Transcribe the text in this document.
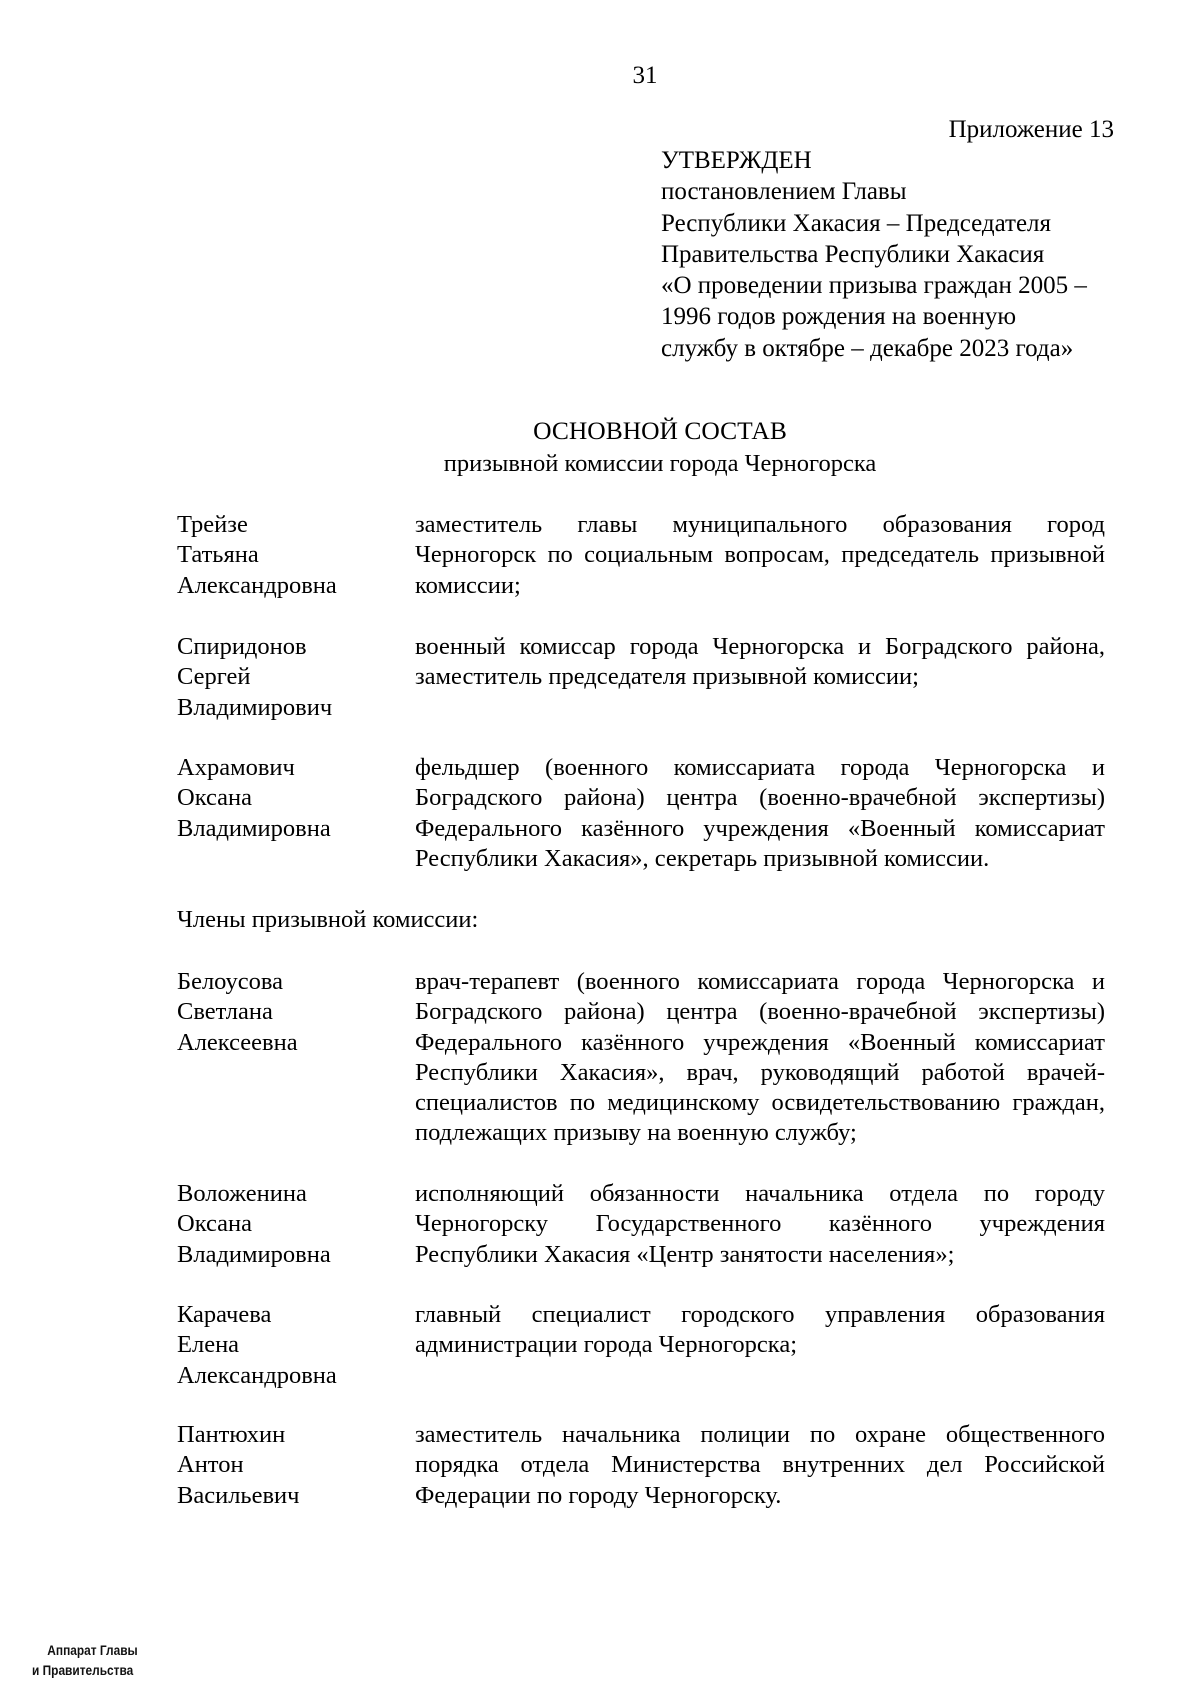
31
Приложение 13
УТВЕРЖДЕН
постановлением Главы
Республики Хакасия – Председателя
Правительства Республики Хакасия
«О проведении призыва граждан 2005 –
1996 годов рождения на военную
службу в октябре – декабре 2023 года»
ОСНОВНОЙ СОСТАВ
призывной комиссии города Черногорска
Трейзе
Татьяна
Александровна
заместитель главы муниципального образования город Черногорск по социальным вопросам, председатель призывной комиссии;
Спиридонов
Сергей
Владимирович
военный комиссар города Черногорска и Боградского района, заместитель председателя призывной комиссии;
Ахрамович
Оксана
Владимировна
фельдшер (военного комиссариата города Черногорска и Боградского района) центра (военно-врачебной экспертизы) Федерального казённого учреждения «Военный комиссариат Республики Хакасия», секретарь призывной комиссии.
Члены призывной комиссии:
Белоусова
Светлана
Алексеевна
врач-терапевт (военного комиссариата города Черногорска и Боградского района) центра (военно-врачебной экспертизы) Федерального казённого учреждения «Военный комиссариат Республики Хакасия», врач, руководящий работой врачей-специалистов по медицинскому освидетельствованию граждан, подлежащих призыву на военную службу;
Воложенина
Оксана
Владимировна
исполняющий обязанности начальника отдела по городу Черногорску Государственного казённого учреждения Республики Хакасия «Центр занятости населения»;
Карачева
Елена
Александровна
главный специалист городского управления образования администрации города Черногорска;
Пантюхин
Антон
Васильевич
заместитель начальника полиции по охране общественного порядка отдела Министерства внутренних дел Российской Федерации по городу Черногорску.
Аппарат Главы
и Правительства
